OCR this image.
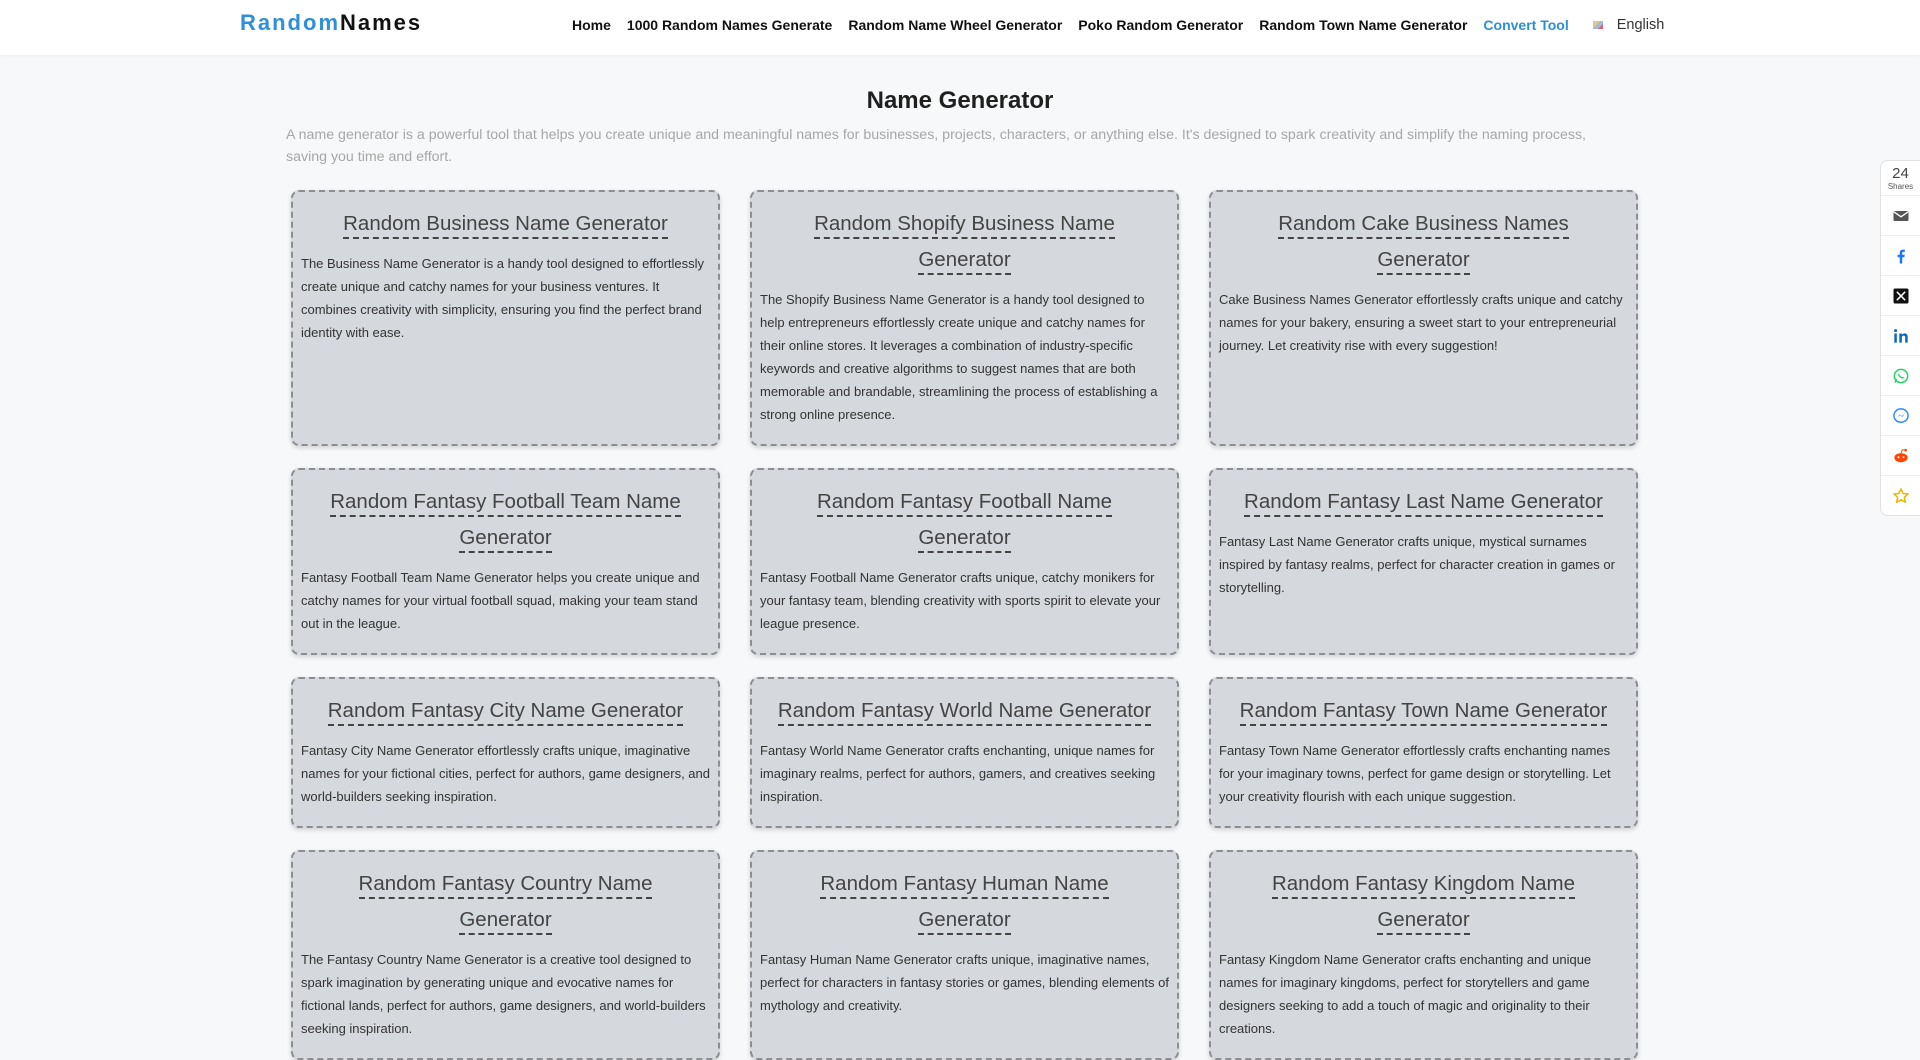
RandomNames	Home 1000 Random Names Generate Random Name Wheel Generator Poko Random Generator Random Town Name Generator Convert Tool	English
Name Generator

A name generator is a powerful tool that helps you create unique and meaningful names for businesses, projects, characters, or anything else. It's designed to spark creativity and simplify the naming process, saving you time and effort.

Random Business Name Generator

The Business Name Generator is a handy tool designed to effortlessly create unique and catchy names for your business ventures. It combines creativity with simplicity, ensuring you find the perfect brand identity with ease.

Random Shopify Business Name Generator

The Shopify Business Name Generator is a handy tool designed to help entrepreneurs effortlessly create unique and catchy names for their online stores. It leverages a combination of industry-specific keywords and creative algorithms to suggest names that are both memorable and brandable, streamlining the process of establishing a strong online presence.

Random Cake Business Names Generator

Cake Business Names Generator effortlessly crafts unique and catchy names for your bakery, ensuring a sweet start to your entrepreneurial journey. Let creativity rise with every suggestion!

Random Fantasy Football Team Name Generator

Fantasy Football Team Name Generator helps you create unique and catchy names for your virtual football squad, making your team stand out in the league.

Random Fantasy Football Name Generator

Fantasy Football Name Generator crafts unique, catchy monikers for your fantasy team, blending creativity with sports spirit to elevate your league presence.

Random Fantasy Last Name Generator

Fantasy Last Name Generator crafts unique, mystical surnames inspired by fantasy realms, perfect for character creation in games or storytelling.

Random Fantasy City Name Generator

Fantasy City Name Generator effortlessly crafts unique, imaginative names for your fictional cities, perfect for authors, game designers, and world-builders seeking inspiration.

Random Fantasy World Name Generator

Fantasy World Name Generator crafts enchanting, unique names for imaginary realms, perfect for authors, gamers, and creatives seeking inspiration.

Random Fantasy Town Name Generator

Fantasy Town Name Generator effortlessly crafts enchanting names for your imaginary towns, perfect for game design or storytelling. Let your creativity flourish with each unique suggestion.

Random Fantasy Country Name Generator

The Fantasy Country Name Generator is a creative tool designed to spark imagination by generating unique and evocative names for fictional lands, perfect for authors, game designers, and world-builders seeking inspiration.

Random Fantasy Human Name Generator

Fantasy Human Name Generator crafts unique, imaginative names, perfect for characters in fantasy stories or games, blending elements of mythology and creativity.

Random Fantasy Kingdom Name Generator

Fantasy Kingdom Name Generator crafts enchanting and unique names for imaginary kingdoms, perfect for storytellers and game designers seeking to add a touch of magic and originality to their creations.

24
Shares
